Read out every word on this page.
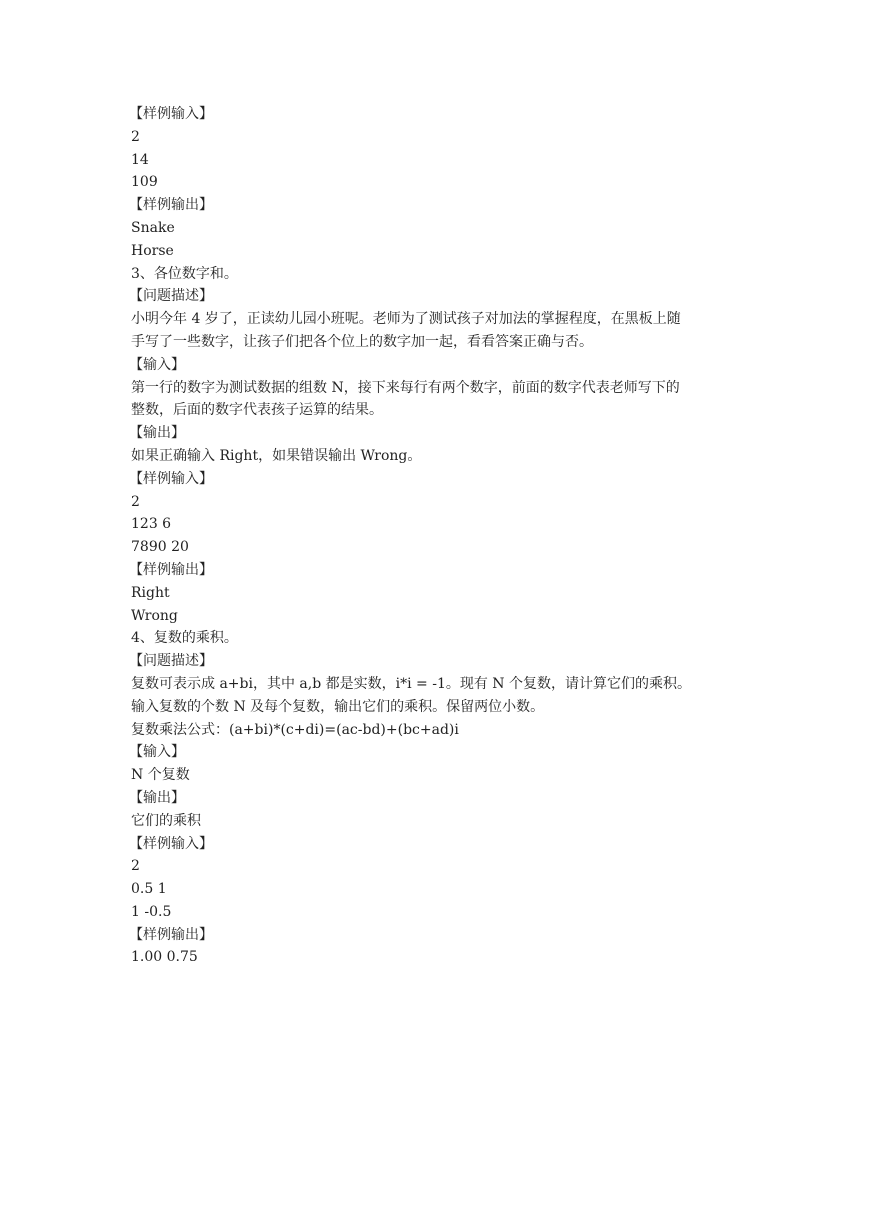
【样例输入】
2
14
109
【样例输出】
Snake
Horse
3、各位数字和。
【问题描述】
小明今年 4 岁了，正读幼儿园小班呢。老师为了测试孩子对加法的掌握程度，在黑板上随
手写了一些数字，让孩子们把各个位上的数字加一起，看看答案正确与否。
【输入】
第一行的数字为测试数据的组数 N，接下来每行有两个数字，前面的数字代表老师写下的
整数，后面的数字代表孩子运算的结果。
【输出】
如果正确输入 Right，如果错误输出 Wrong。
【样例输入】
2
123 6
7890 20
【样例输出】
Right
Wrong
4、复数的乘积。
【问题描述】
复数可表示成 a+bi，其中 a,b 都是实数，i*i = -1。现有 N 个复数，请计算它们的乘积。
输入复数的个数 N 及每个复数，输出它们的乘积。保留两位小数。
复数乘法公式：(a+bi)*(c+di)=(ac-bd)+(bc+ad)i
【输入】
N 个复数
【输出】
它们的乘积
【样例输入】
2
0.5 1
1 -0.5
【样例输出】
1.00 0.75
